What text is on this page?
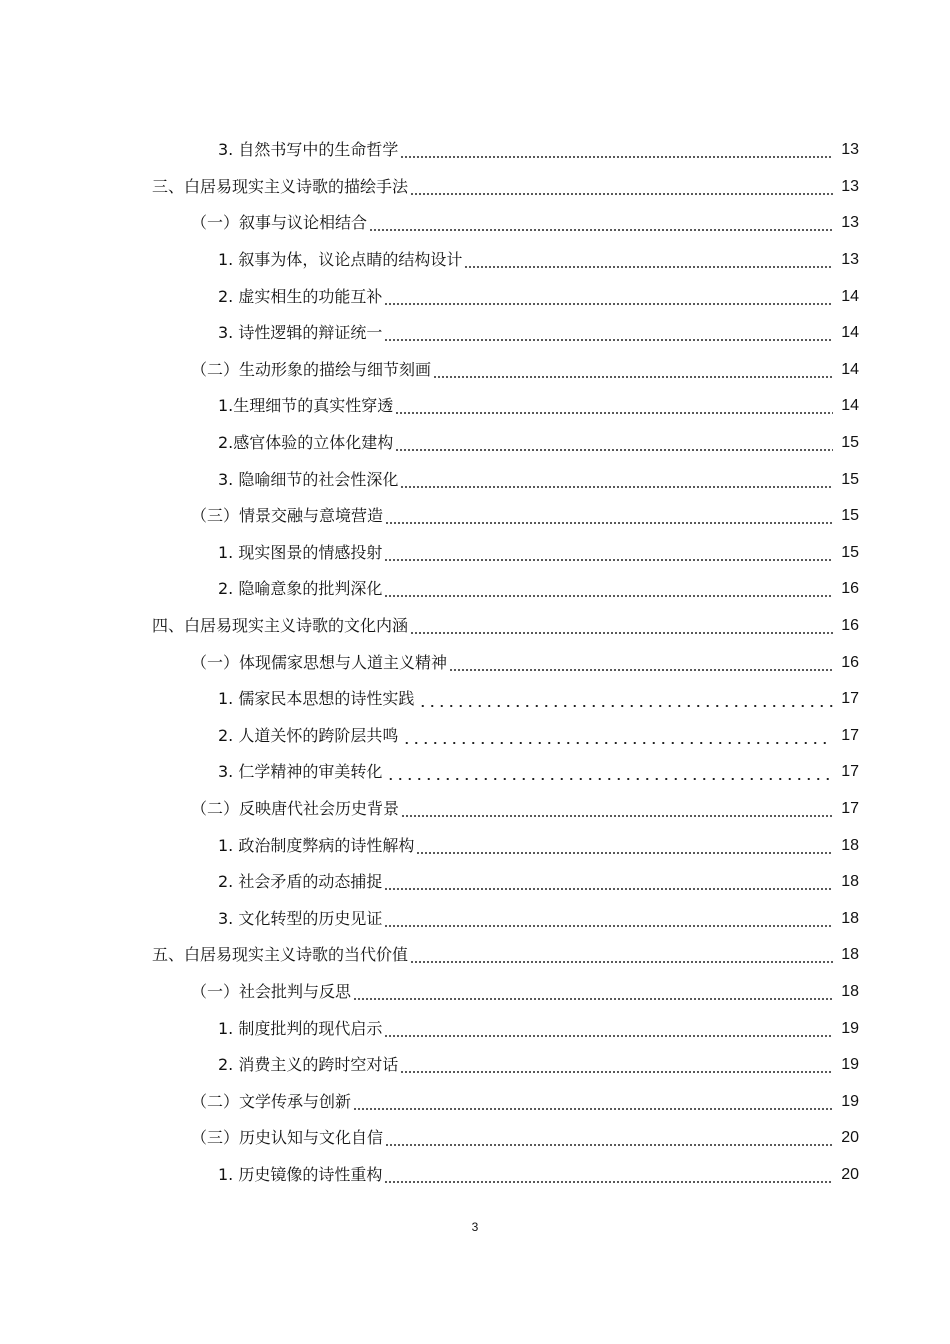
3. 自然书写中的生命哲学	13
三、白居易现实主义诗歌的描绘手法	13
（一）叙事与议论相结合	13
1. 叙事为体，议论点睛的结构设计	13
2. 虚实相生的功能互补	14
3. 诗性逻辑的辩证统一	14
（二）生动形象的描绘与细节刻画	14
1.生理细节的真实性穿透	14
2.感官体验的立体化建构	15
3. 隐喻细节的社会性深化	15
（三）情景交融与意境营造	15
1. 现实图景的情感投射	15
2. 隐喻意象的批判深化	16
四、白居易现实主义诗歌的文化内涵	16
（一）体现儒家思想与人道主义精神	16
1. 儒家民本思想的诗性实践	17
2. 人道关怀的跨阶层共鸣	17
3. 仁学精神的审美转化	17
（二）反映唐代社会历史背景	17
1. 政治制度弊病的诗性解构	18
2. 社会矛盾的动态捕捉	18
3. 文化转型的历史见证	18
五、白居易现实主义诗歌的当代价值	18
（一）社会批判与反思	18
1. 制度批判的现代启示	19
2. 消费主义的跨时空对话	19
（二）文学传承与创新	19
（三）历史认知与文化自信	20
1. 历史镜像的诗性重构	20
3
